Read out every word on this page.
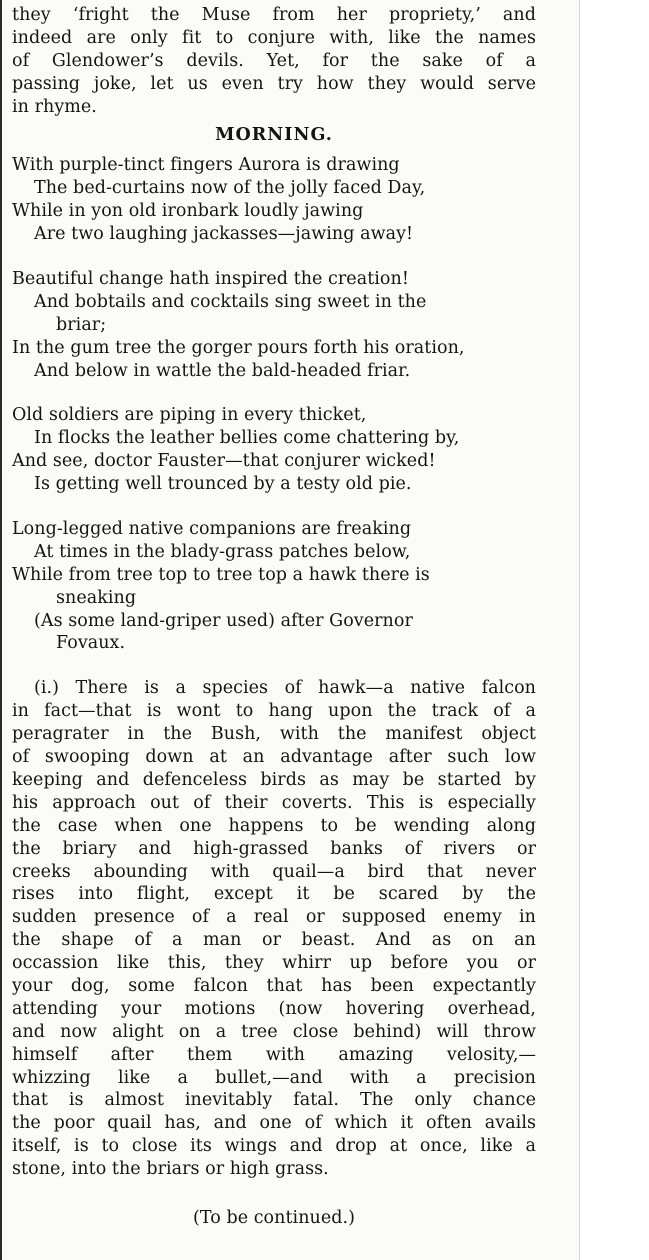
they ‘fright the Muse from her propriety,’ and
indeed are only fit to conjure with, like the names
of Glendower’s devils. Yet, for the sake of a
passing joke, let us even try how they would serve
in rhyme.
MORNING.
With purple-tinct fingers Aurora is drawing
The bed-curtains now of the jolly faced Day,
While in yon old ironbark loudly jawing
Are two laughing jackasses—jawing away!
Beautiful change hath inspired the creation!
And bobtails and cocktails sing sweet in the
briar;
In the gum tree the gorger pours forth his oration,
And below in wattle the bald-headed friar.
Old soldiers are piping in every thicket,
In flocks the leather bellies come chattering by,
And see, doctor Fauster—that conjurer wicked!
Is getting well trounced by a testy old pie.
Long-legged native companions are freaking
At times in the blady-grass patches below,
While from tree top to tree top a hawk there is
sneaking
(As some land-griper used) after Governor
Fovaux.
(i.) There is a species of hawk—a native falcon
in fact—that is wont to hang upon the track of a
peragrater in the Bush, with the manifest object
of swooping down at an advantage after such low
keeping and defenceless birds as may be started by
his approach out of their coverts. This is especially
the case when one happens to be wending along
the briary and high-grassed banks of rivers or
creeks abounding with quail—a bird that never
rises into flight, except it be scared by the
sudden presence of a real or supposed enemy in
the shape of a man or beast. And as on an
occassion like this, they whirr up before you or
your dog, some falcon that has been expectantly
attending your motions (now hovering overhead,
and now alight on a tree close behind) will throw
himself after them with amazing velosity,—
whizzing like a bullet,—and with a precision
that is almost inevitably fatal. The only chance
the poor quail has, and one of which it often avails
itself, is to close its wings and drop at once, like a
stone, into the briars or high grass.
(To be continued.)
